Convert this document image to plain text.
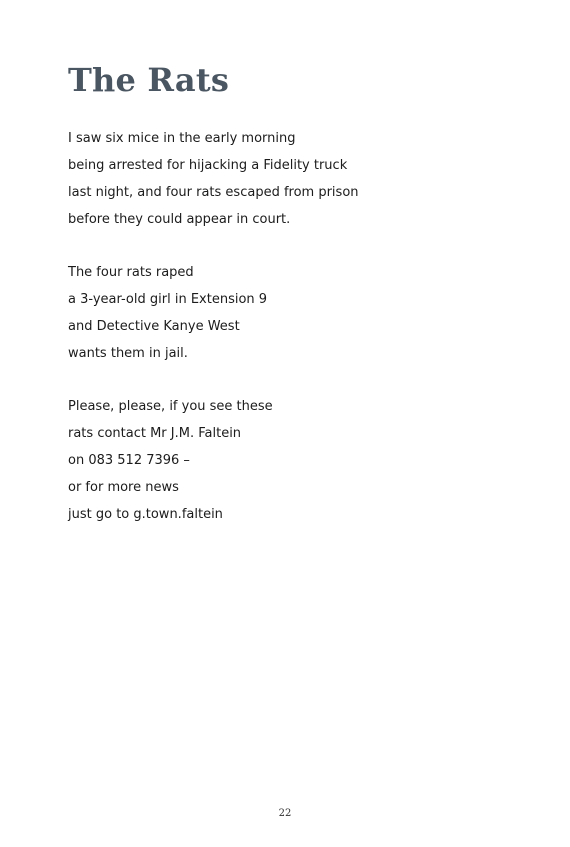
The Rats
I saw six mice in the early morning
being arrested for hijacking a Fidelity truck
last night, and four rats escaped from prison
before they could appear in court.
The four rats raped
a 3-year-old girl in Extension 9
and Detective Kanye West
wants them in jail.
Please, please, if you see these
rats contact Mr J.M. Faltein
on 083 512 7396 –
or for more news
just go to g.town.faltein
22
